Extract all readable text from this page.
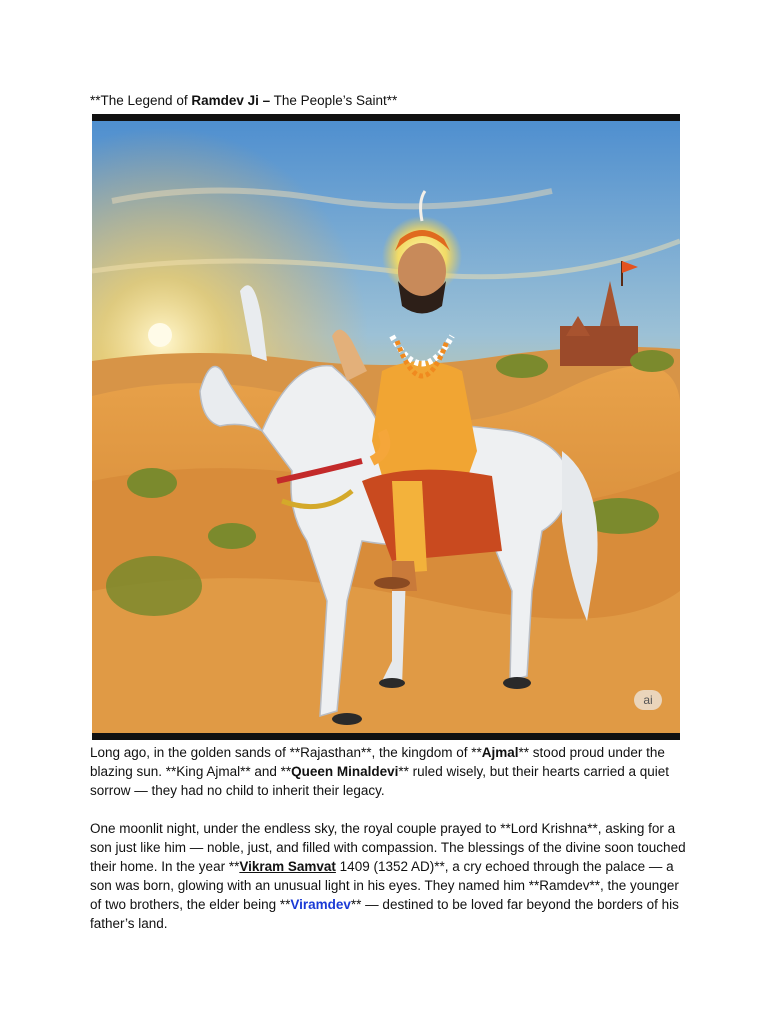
**The Legend of Ramdev Ji – The People’s Saint**
ai
Long ago, in the golden sands of **Rajasthan**, the kingdom of **Ajmal** stood proud under the blazing sun. **King Ajmal** and **Queen Minaldevi** ruled wisely, but their hearts carried a quiet sorrow — they had no child to inherit their legacy.
One moonlit night, under the endless sky, the royal couple prayed to **Lord Krishna**, asking for a son just like him — noble, just, and filled with compassion. The blessings of the divine soon touched their home. In the year **Vikram Samvat 1409 (1352 AD)**, a cry echoed through the palace — a son was born, glowing with an unusual light in his eyes. They named him **Ramdev**, the younger of two brothers, the elder being **Viramdev** — destined to be loved far beyond the borders of his father’s land.
